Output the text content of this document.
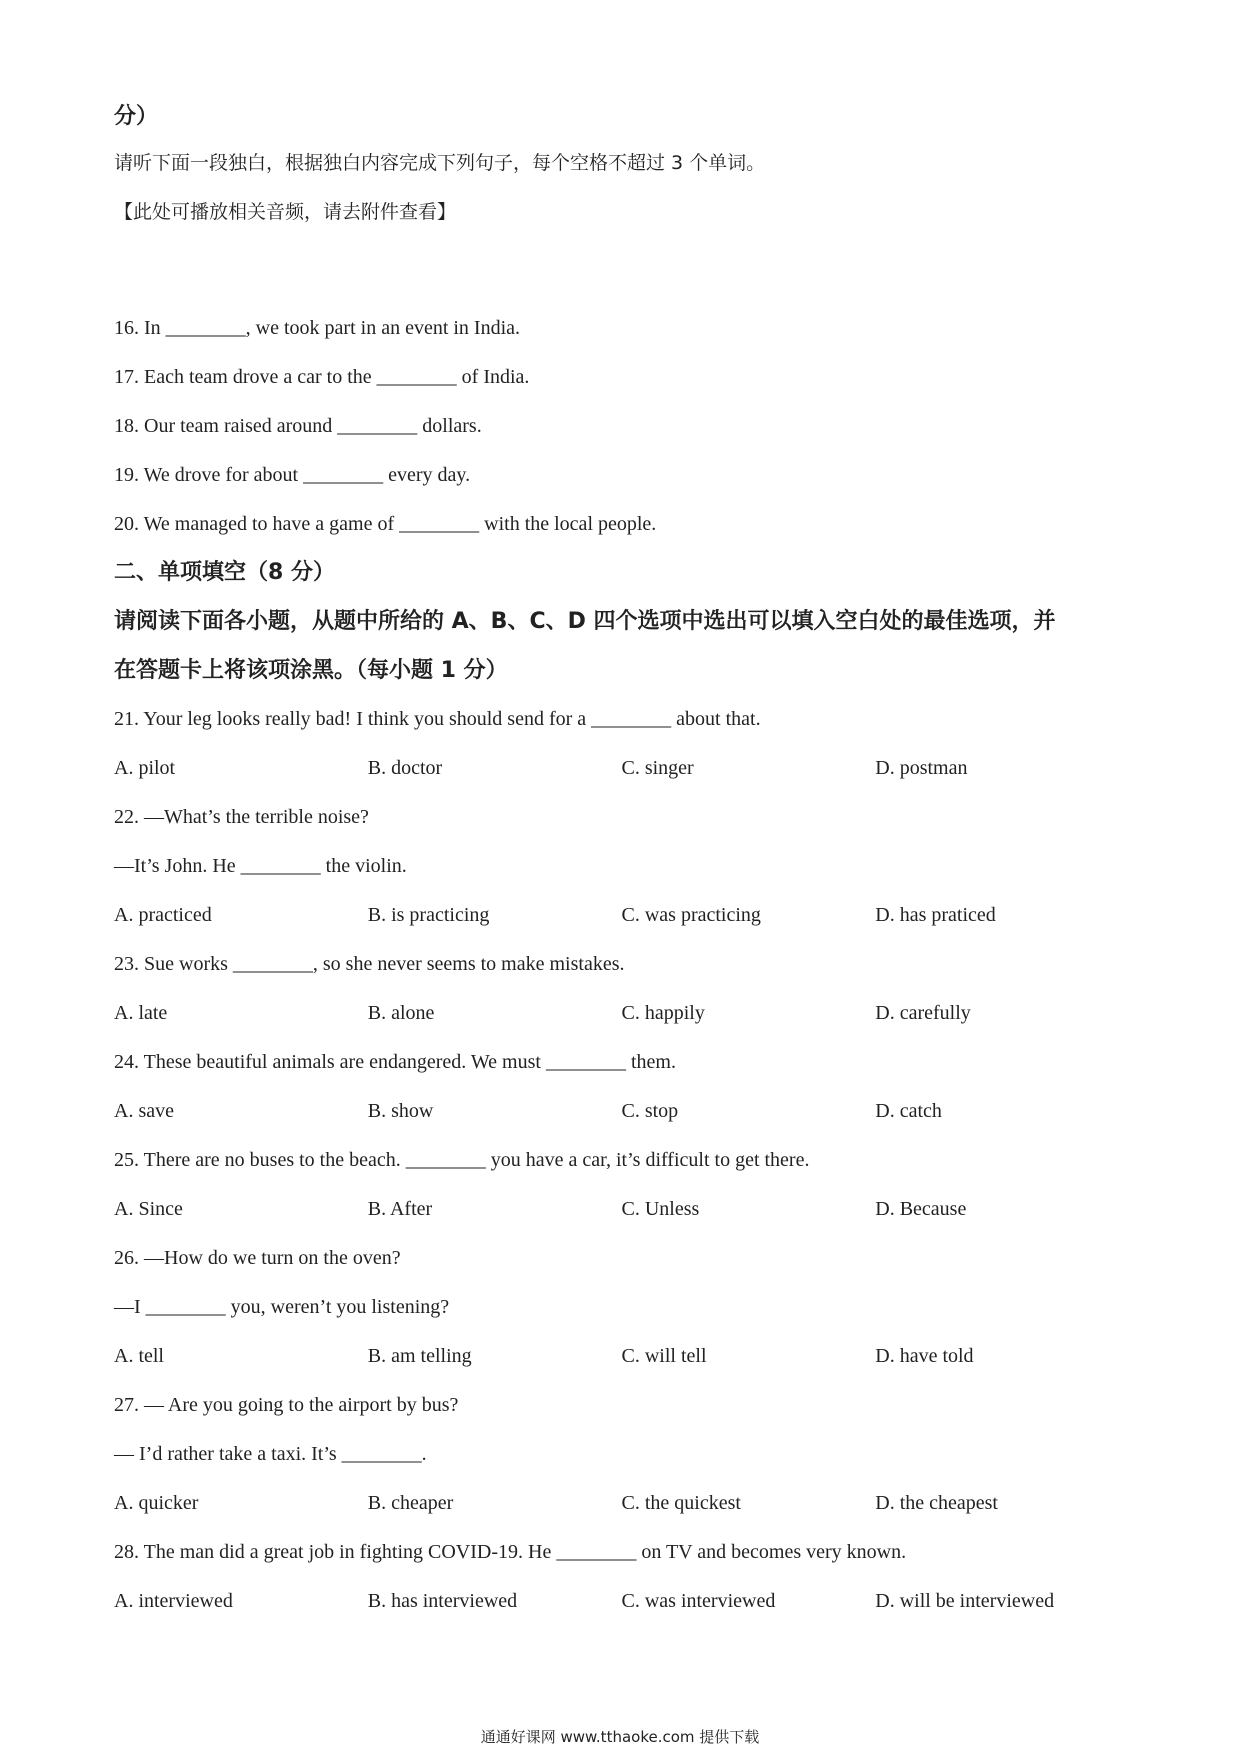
分）
请听下面一段独白，根据独白内容完成下列句子，每个空格不超过 3 个单词。
【此处可播放相关音频，请去附件查看】
16. In ________, we took part in an event in India.
17. Each team drove a car to the ________ of India.
18. Our team raised around ________ dollars.
19. We drove for about ________ every day.
20. We managed to have a game of ________ with the local people.
二、单项填空（8 分）
请阅读下面各小题，从题中所给的 A、B、C、D 四个选项中选出可以填入空白处的最佳选项，并
在答题卡上将该项涂黑。（每小题 1 分）
21. Your leg looks really bad! I think you should send for a ________ about that.
A. pilot	B. doctor	C. singer	D. postman
22. —What’s the terrible noise?
—It’s John. He ________ the violin.
A. practiced	B. is practicing	C. was practicing	D. has praticed
23. Sue works ________, so she never seems to make mistakes.
A. late	B. alone	C. happily	D. carefully
24. These beautiful animals are endangered. We must ________ them.
A. save	B. show	C. stop	D. catch
25. There are no buses to the beach. ________ you have a car, it’s difficult to get there.
A. Since	B. After	C. Unless	D. Because
26. —How do we turn on the oven?
—I ________ you, weren’t you listening?
A. tell	B. am telling	C. will tell	D. have told
27. — Are you going to the airport by bus?
— I’d rather take a taxi. It’s ________.
A. quicker	B. cheaper	C. the quickest	D. the cheapest
28. The man did a great job in fighting COVID-19. He ________ on TV and becomes very known.
A. interviewed	B. has interviewed	C. was interviewed	D. will be interviewed
通通好课网 www.tthaoke.com 提供下载
